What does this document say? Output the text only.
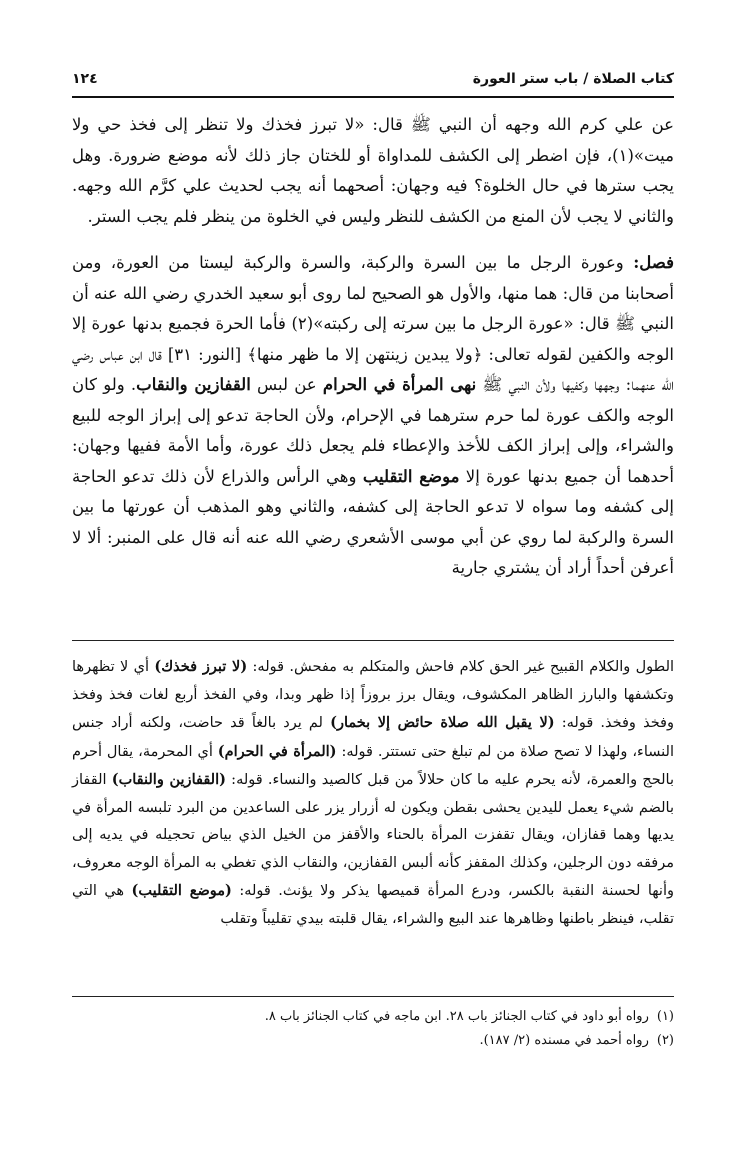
كتاب الصلاة / باب ستر العورة
١٢٤

عن علي كرم الله وجهه أن النبي ﷺ قال: «لا تبرز فخذك ولا تنظر إلى فخذ حي ولا ميت»(١)، فإن اضطر إلى الكشف للمداواة أو للختان جاز ذلك لأنه موضع ضرورة. وهل يجب سترها في حال الخلوة؟ فيه وجهان: أصحهما أنه يجب لحديث علي كرَّم الله وجهه. والثاني لا يجب لأن المنع من الكشف للنظر وليس في الخلوة من ينظر فلم يجب الستر.

فصل: وعورة الرجل ما بين السرة والركبة، والسرة والركبة ليستا من العورة، ومن أصحابنا من قال: هما منها، والأول هو الصحيح لما روى أبو سعيد الخدري رضي الله عنه أن النبي ﷺ قال: «عورة الرجل ما بين سرته إلى ركبته»(٢) فأما الحرة فجميع بدنها عورة إلا الوجه والكفين لقوله تعالى: ﴿ولا يبدين زينتهن إلا ما ظهر منها﴾ [النور: ٣١] قال ابن عباس رضي الله عنهما: وجهها وكفيها ولأن النبي ﷺ نهى المرأة في الحرام عن لبس القفازين والنقاب. ولو كان الوجه والكف عورة لما حرم سترهما في الإحرام، ولأن الحاجة تدعو إلى إبراز الوجه للبيع والشراء، وإلى إبراز الكف للأخذ والإعطاء فلم يجعل ذلك عورة، وأما الأمة ففيها وجهان: أحدهما أن جميع بدنها عورة إلا موضع التقليب وهي الرأس والذراع لأن ذلك تدعو الحاجة إلى كشفه وما سواه لا تدعو الحاجة إلى كشفه، والثاني وهو المذهب أن عورتها ما بين السرة والركبة لما روي عن أبي موسى الأشعري رضي الله عنه أنه قال على المنبر: ألا لا أعرفن أحداً أراد أن يشتري جارية

الطول والكلام القبيح غير الحق كلام فاحش والمتكلم به مفحش. قوله: (لا تبرز فخذك) أي لا تظهرها وتكشفها والبارز الظاهر المكشوف، ويقال برز بروزاً إذا ظهر وبدا، وفي الفخذ أربع لغات فخذ وفخذ وفخذ وفخذ. قوله: (لا يقبل الله صلاة حائض إلا بخمار) لم يرد بالغاً قد حاضت، ولكنه أراد جنس النساء، ولهذا لا تصح صلاة من لم تبلغ حتى تستتر. قوله: (المرأة في الحرام) أي المحرمة، يقال أحرم بالحج والعمرة، لأنه يحرم عليه ما كان حلالاً من قبل كالصيد والنساء. قوله: (القفازين والنقاب) القفاز بالضم شيء يعمل لليدين يحشى بقطن ويكون له أزرار يزر على الساعدين من البرد تلبسه المرأة في يديها وهما قفازان، ويقال تقفزت المرأة بالحناء والأقفز من الخيل الذي بياض تحجيله في يديه إلى مرفقه دون الرجلين، وكذلك المقفز كأنه ألبس القفازين، والنقاب الذي تغطي به المرأة الوجه معروف، وأنها لحسنة النقبة بالكسر، ودرع المرأة قميصها يذكر ولا يؤنث. قوله: (موضع التقليب) هي التي تقلب، فينظر باطنها وظاهرها عند البيع والشراء، يقال قلبته بيدي تقليباً وتقلب

(١)رواه أبو داود في كتاب الجنائز باب ٢٨. ابن ماجه في كتاب الجنائز باب ٨.

(٢)رواه أحمد في مسنده (٢/ ١٨٧).
